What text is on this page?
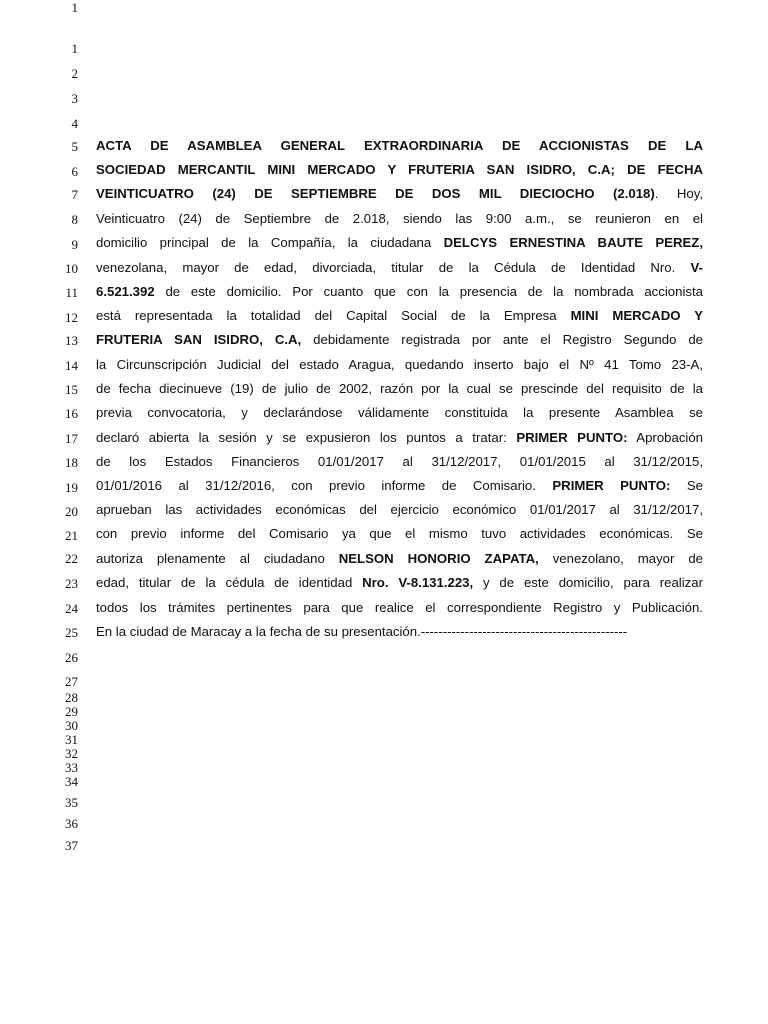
1
1
2
3
4
5
6
7
8
9
10
11
12
13
14
15
16
17
18
19
20
21
22
23
24
25
26
27
28
29
30
31
32
33
34
35
36
37
ACTA DE ASAMBLEA GENERAL EXTRAORDINARIA DE ACCIONISTAS DE LA
SOCIEDAD MERCANTIL MINI MERCADO Y FRUTERIA SAN ISIDRO, C.A; DE FECHA
VEINTICUATRO (24) DE SEPTIEMBRE DE DOS MIL DIECIOCHO (2.018). Hoy,
Veinticuatro (24) de Septiembre de 2.018, siendo las 9:00 a.m., se reunieron en el
domicilio principal de la Compañía, la ciudadana DELCYS ERNESTINA BAUTE PEREZ,
venezolana, mayor de edad, divorciada, titular de la Cédula de Identidad Nro. V-
6.521.392 de este domicilio. Por cuanto que con la presencia de la nombrada accionista
está representada la totalidad del Capital Social de la Empresa MINI MERCADO Y
FRUTERIA SAN ISIDRO, C.A, debidamente registrada por ante el Registro Segundo de
la Circunscripción Judicial del estado Aragua, quedando inserto bajo el Nº 41 Tomo 23-A,
de fecha diecinueve (19) de julio de 2002, razón por la cual se prescinde del requisito de la
previa convocatoria, y declarándose válidamente constituida la presente Asamblea se
declaró abierta la sesión y se expusieron los puntos a tratar: PRIMER PUNTO: Aprobación
de los Estados Financieros 01/01/2017 al 31/12/2017, 01/01/2015 al 31/12/2015,
01/01/2016 al 31/12/2016, con previo informe de Comisario. PRIMER PUNTO: Se
aprueban las actividades económicas del ejercicio económico 01/01/2017 al 31/12/2017,
con previo informe del Comisario ya que el mismo tuvo actividades económicas. Se
autoriza plenamente al ciudadano NELSON HONORIO ZAPATA, venezolano, mayor de
edad, titular de la cédula de identidad Nro. V-8.131.223, y de este domicilio, para realizar
todos los trámites pertinentes para que realice el correspondiente Registro y Publicación.
En la ciudad de Maracay a la fecha de su presentación.-----------------------------------------------
